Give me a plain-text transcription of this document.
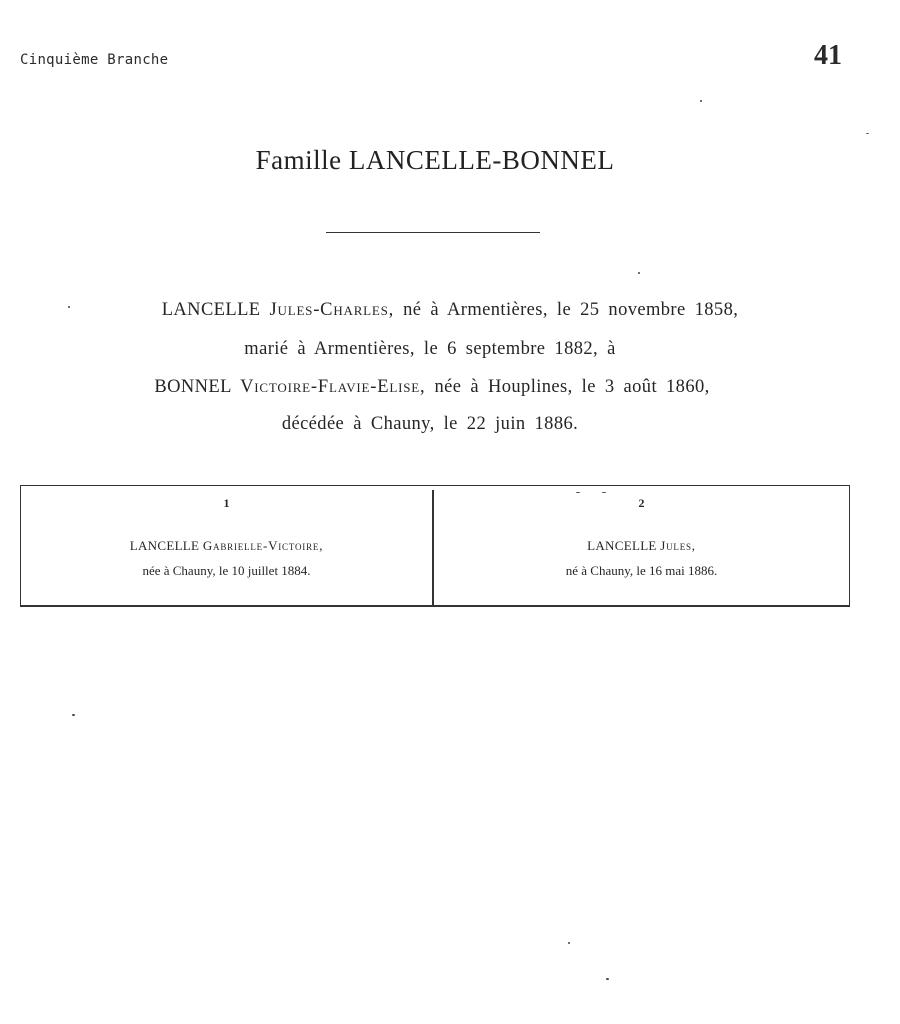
Cinquième Branche	41
Famille LANCELLE-BONNEL
LANCELLE Jules-Charles, né à Armentières, le 25 novembre 1858,
marié à Armentières, le 6 septembre 1882, à
BONNEL Victoire-Flavie-Elise, née à Houplines, le 3 août 1860,
décédée à Chauny, le 22 juin 1886.
1
LANCELLE Gabrielle-Victoire,
née à Chauny, le 10 juillet 1884.
2
LANCELLE Jules,
né à Chauny, le 16 mai 1886.
